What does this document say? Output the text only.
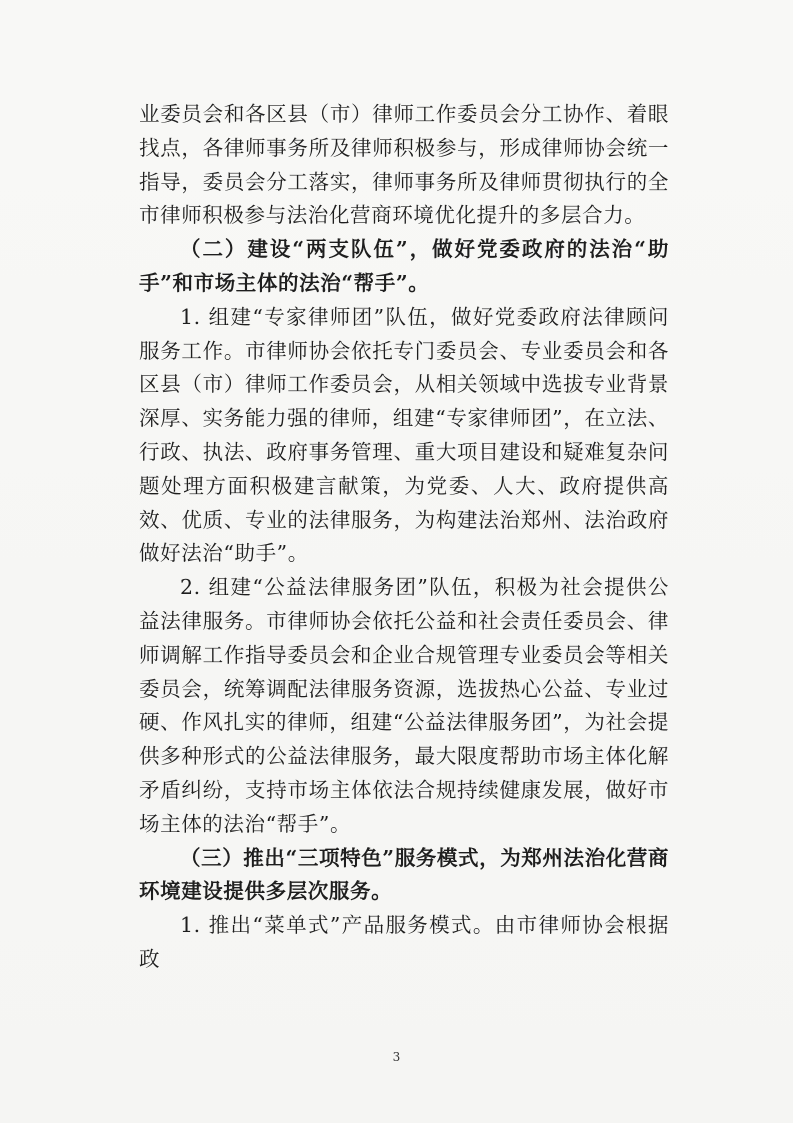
业委员会和各区县（市）律师工作委员会分工协作、着眼找点，各律师事务所及律师积极参与，形成律师协会统一指导，委员会分工落实，律师事务所及律师贯彻执行的全市律师积极参与法治化营商环境优化提升的多层合力。

（二）建设“两支队伍”，做好党委政府的法治“助手”和市场主体的法治“帮手”。

1. 组建“专家律师团”队伍，做好党委政府法律顾问服务工作。市律师协会依托专门委员会、专业委员会和各区县（市）律师工作委员会，从相关领域中选拔专业背景深厚、实务能力强的律师，组建“专家律师团”，在立法、行政、执法、政府事务管理、重大项目建设和疑难复杂问题处理方面积极建言献策，为党委、人大、政府提供高效、优质、专业的法律服务，为构建法治郑州、法治政府做好法治“助手”。

2. 组建“公益法律服务团”队伍，积极为社会提供公益法律服务。市律师协会依托公益和社会责任委员会、律师调解工作指导委员会和企业合规管理专业委员会等相关委员会，统筹调配法律服务资源，选拔热心公益、专业过硬、作风扎实的律师，组建“公益法律服务团”，为社会提供多种形式的公益法律服务，最大限度帮助市场主体化解矛盾纠纷，支持市场主体依法合规持续健康发展，做好市场主体的法治“帮手”。

（三）推出“三项特色”服务模式，为郑州法治化营商环境建设提供多层次服务。

1. 推出“菜单式”产品服务模式。由市律师协会根据政

3
